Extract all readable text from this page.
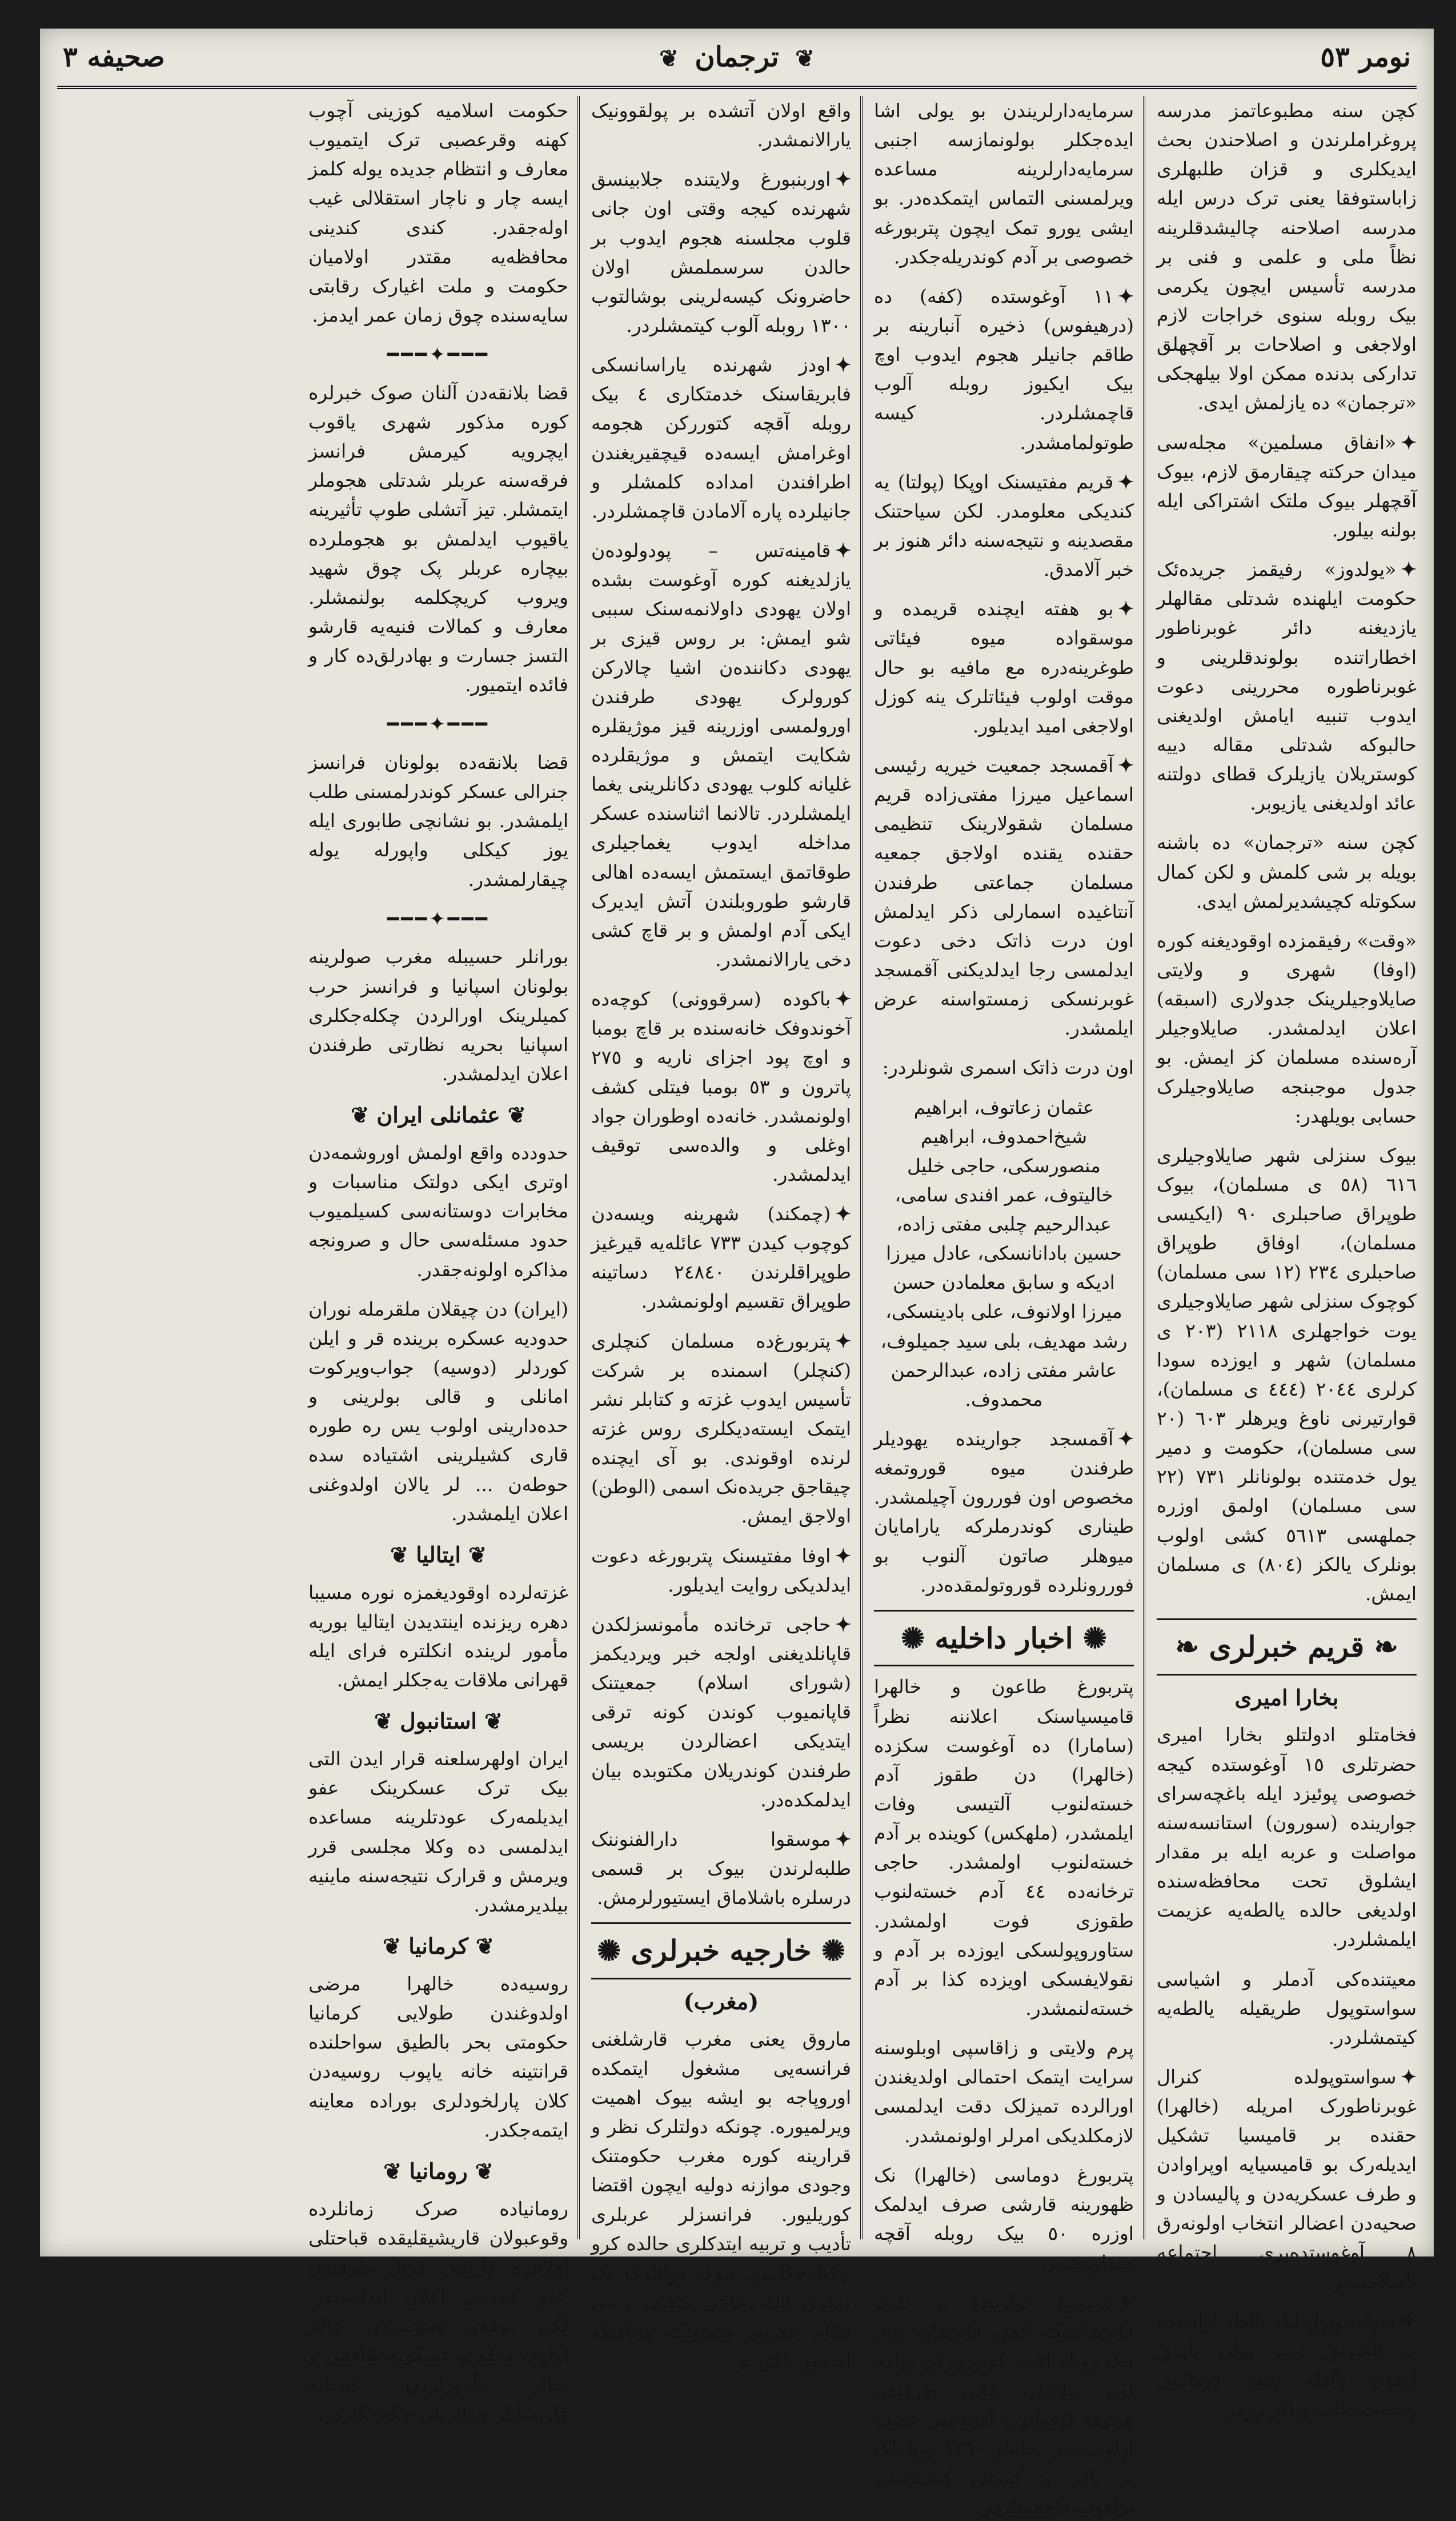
نومر ٥٣
❦ ترجمان ❦
صحیفه ٣

کچن سنه مطبوعاتمز مدرسه پروغراملرندن و اصلاحندن بحث ایدیکلری و قزان طلبهلری زاباستوفقا یعنی ترک درس ایله مدرسه اصلاحنه چالیشدقلرینه نظاً ملی و علمی و فنی بر مدرسه تأسیس ایچون یکرمی بیک روبله سنوی خراجات لازم اولاجغی و اصلاحات بر آقچهلق تدارکی بدنده ممکن اولا بیلهجکی «ترجمان» ده یازلمش ایدی.

✦«انفاق مسلمین» مجله‌سی میدان حرکته چیقارمق لازم، بیوک آقچهلر بیوک ملتک اشتراکی ایله بولنه بیلور.

✦«یولدوز» رفیقمز جریده‌ئک حکومت ایلهنده شدتلی مقالهلر یازدیغنه دائر غوبرناطور اخطاراتنده بولوندقلرینی و غوبرناطوره محررینی دعوت ایدوب تنبیه ایامش اولدیغنی حالبوکه شدتلی مقاله دییه کوستریلان یازیلرک قطای دولتنه عائد اولدیغنی یازیوبر.

کچن سنه «ترجمان» ده باشنه بویله بر شی کلمش و لکن کمال سکوتله کچیشدیرلمش ایدی.

«وقت» رفیقمزده اوقودیغنه کوره (اوفا) شهری و ولایتی صایلاوجیلرینک جدولاری (اسبقه) اعلان ایدلمشدر. صایلاوجیلر آره‌سنده مسلمان کز ایمش. بو جدول موجبنجه صایلاوجیلرک حسابی بویلهدر:

بیوک سنزلی شهر صایلاوجیلری ٦١٦ (٥٨ ی مسلمان)، بیوک طوپراق صاحبلری ٩٠ (ایکیسی مسلمان)، اوفاق طوپراق صاحبلری ٢٣٤ (١٢ سی مسلمان) کوچوک سنزلی شهر صایلاوجیلری یوت خواجهلری ٢١١٨ (٢٠٣ ی مسلمان) شهر و ایوزده سودا کرلری ٢٠٤٤ (٤٤٤ ی مسلمان)، قوارتیرنی ناوغ ویرهلر ٦٠٣ (٢٠ سی مسلمان)، حکومت و دمیر یول خدمتنده بولونانلر ٧٣١ (٢٢ سی مسلمان) اولمق اوزره جملهسی ٥٦١٣ کشی اولوب بونلرک یالکز (٨٠٤) ی مسلمان ایمش.

❧ قریم خبرلری ❧
بخارا امیری

فخامتلو ادولتلو بخارا امیری حضرتلری ١٥ آوغوستده کیجه خصوصی پوئیزد ایله باغچه‌سرای جوارینده (سورون) استانسه‌سنه مواصلت و عربه ایله بر مقدار ایشلوق تحت محافظه‌سنده اولدیغی حالده یالطه‌یه عزیمت ایلمشلردر.

معیتنده‌کی آدملر و اشیاسی سواستوپول طریقیله یالطه‌یه کیتمشلردر.

✦سواستوپولده کنرال غوبرناطورک امریله (خالهرا) حقنده بر قامیسیا تشکیل ایدیله‌رک بو قامیسیایه اوپراوادن و طرف عسکریه‌دن و پالیسادن و صحیه‌دن اعضالر انتخاب اولونه‌رق ٨ آوغوستده‌بری اجتماعه باشلامشدر.

✦سواستوپول ایله یالطه آراسنده بر الکتریق دمیر یولی یاپمق ایچون یالطه شهر دوماسی رخصت طلب و اکر روس

سرمایه‌دارلریندن بو یولی اشا ایده‌جکلر بولونمازسه اجنبی سرمایه‌دارلرینه مساعده ویرلمسنی التماس ایتمکده‌در. بو ایشی یورو تمک ایچون پتربورغه خصوصی بر آدم کوندریله‌جکدر.

✦١١ آوغوستده (کفه) ده (درهیفوس) ذخیره آنبارینه بر طاقم جانیلر هجوم ایدوب اوچ بیک ایکیوز روبله آلوب قاچمشلردر. کیسه طوتولمامشدر.

✦قریم مفتیسنک اوپکا (پولتا) یه کندیکی معلومدر. لکن سیاحتنک مقصدینه و نتیجه‌سنه دائر هنوز بر خبر آلامدق.

✦بو هفته ایچنده قریمده و موسقواده میوه فیئاتی طوغرینه‌دره مع مافیه بو حال موقت اولوب فیئاتلرک ینه کوزل اولاجغی امید ایدیلور.

✦آقمسجد جمعیت خیریه رئیسی اسماعیل میرزا مفتی‌زاده قریم مسلمان شقولارینک تنظیمی حقنده یقنده اولاجق جمعیه مسلمان جماعتی طرفندن آنتاغیده اسمارلی ذکر ایدلمش اون درت ذاتک دخی دعوت ایدلمسی رجا ایدلدیکنی آقمسجد غوبرنسکی زمستوا‌سنه عرض ایلمشدر.

اون درت ذاتک اسمری شونلردر:

عثمان زعاتوف، ابراهیم شیخ‌احمدوف، ابراهیم منصورسکی، حاجی خلیل خالیتوف، عمر افندی سامی، عبدالرحیم چلبی مفتی زاده، حسین بادانانسکی، عادل میرزا ادیکه و سابق معلمادن حسن میرزا اولانوف، علی بادینسکی، رشد مهدیف، بلی سید جمیلوف، عاشر مفتی زاده، عبدالرحمن محمدوف.

✦آقمسجد جوارینده یهودیلر طرفندن میوه قوروتمغه مخصوص اون فوررون آچیلمشدر. طیناری کوندرملرکه یارامایان میوهلر صاتون آلنوب بو فوررونلرده قوروتولمقده‌در.

✺ اخبار داخلیه ✺

پتربورغ طاعون و خالهرا قامیسیاسنک اعلاننه نظراً (سامارا) ده آوغوست سکزده (خالهرا) دن طقوز آدم خسته‌لنوب آلتیسی وفات ایلمشدر، (ملهکس) کوینده بر آدم خسته‌لنوب اولمشدر. حاجی ترخانه‌ده ٤٤ آدم خسته‌لنوب طقوزی فوت اولمشدر. ستاوروپولسکی ایوزده بر آدم و نقولایفسکی اویزده کذا بر آدم خسته‌لنمشدر.

پرم ولایتی و زاقاسپی اوبلوسنه سرایت ایتمک احتمالی اولدیغندن اورالرده تمیزلک دقت ایدلمسی لازمکلدیکی امرلر اولونمشدر.

پتربورغ دوماسی (خالهرا) نک ظهورینه قارشی صرف ایدلمک اوزره ٥٠ بیک روبله آقچه چیقارمشدر.

✦پتربورغ جوارینده بر تفنک فابریقاسنک آدمی فابریقایه یدی بیک روبله آقچه کوتورورکن یولده اون سلاحلی جانی طرفندن هجومه اوغرایوب آقچه‌سی غصب اولونمشدر. جانیلر ١٣٦٠ روبله‌لک بر باقر و کموش کیسه‌سنی براقوب قاچمشلردر.

واقع اولان آتشده بر پولقوونیک یارالانمشدر.

✦اوربنبورغ ولایتنده جلابینسق شهرنده کیجه وقتی اون جانی قلوب مجلسنه هجوم ایدوب بر حالدن سرسملمش اولان حاضرونک کیسه‌لرینی بوشالتوب ١٣٠٠ روبله آلوب کیتمشلردر.

✦اودز شهرنده یاراسانسکی فابریقاسنک خدمتکاری ٤ بیک روبله آقچه کتوررکن هجومه اوغرامش ایسه‌ده قیچقیریغندن اطرافندن امداده کلمشلر و جانیلرده پاره آلامادن قاچمشلردر.

✦قامینه‌تس – پودولوده‌ن یازلدیغنه کوره آوغوست بشده اولان یهودی داولانمه‌سنک سببی شو ایمش: بر روس قیزی بر یهودی دکاننده‌ن اشیا چالارکن کورولرک یهودی طرفندن اورولمسی اوزرینه قیز موژیقلره شکایت ایتمش و موژیقلرده غلیانه کلوب یهودی دکانلرینی یغما ایلمشلردر. تالانما اثناسنده عسکر مداخله ایدوب یغماجیلری طوقاتمق ایستمش ایسه‌ده اهالی قارشو طوروبلندن آتش ایدیرک ایکی آدم اولمش و بر قاچ کشی دخی یارالانمشدر.

✦باکوده (سرقوونی) کوچه‌ده آخوندوفک خانه‌سنده بر قاچ بومبا و اوچ پود اجزای ناریه و ٢٧٥ پاترون و ٥٣ بومبا فیتلی کشف اولونمشدر. خانه‌ده اوطوران جواد اوغلی و والده‌سی توقیف ایدلمشدر.

✦(چمکند) شهرینه ویسه‌دن کوچوب کیدن ٧٣٣ عائله‌یه قیرغیز طوپراقلرندن ٢٤٨٤٠ دساتینه طوپراق تقسیم اولونمشدر.

✦پتربورغ‌ده مسلمان کنچلری (کنچلر) اسمنده بر شرکت تأسیس ایدوب غزته و کتابلر نشر ایتمک ایسته‌دیکلری روس غزته لرنده اوقوندی. بو آی ایچنده چیقاجق جریده‌نک اسمی (الوطن) اولاجق ایمش.

✦اوفا مفتیسنک پتربورغه دعوت ایدلدیکی روایت ایدیلور.

✦حاجی ترخانده مأمونسزلکدن قاپانلدیغنی اولجه خبر ویردیکمز (شورای اسلام) جمعیتنک قاپانمیوب کوندن کونه ترقی ایتدیکی اعضالردن بریسی طرفندن کوندریلان مکتوبده بیان ایدلمکده‌در.

✦موسقوا دارالفنوننک طلبه‌لرندن بیوک بر قسمی درسلره باشلاماق ایستیورلرمش.

✺ خارجیه خبرلری ✺
(مغرب)

ماروق یعنی مغرب قارشلغنی فرانسه‌یی مشغول ایتمکده اوروپاجه بو ایشه بیوک اهمیت ویرلمیوره. چونکه دولتلرک نظر و قرارینه کوره مغرب حکومتنک وجودی موازنه دولیه ایچون اقتضا کوریلیور. فرانسزلر عربلری تأدیب و تربیه ایتدکلری حالده کرو چکیله‌جکلردر. بیوک دولتلرک یک دیکری ایله رقابتی ضعیف و بی نظام مغربی شمدیلک محافظه ایدیبور. لکن بو

حکومت اسلامیه کوزینی آچوب کهنه وقرعصبی ترک ایتمیوب معارف و انتظام جدیده یوله کلمز ایسه چار و ناچار استقلالی غیب اوله‌جقدر. کندی کندینی محافظه‌یه مقتدر اولامیان حکومت و ملت اغیارک رقابتی سایه‌سنده چوق زمان عمر ایدمز.

━━━✦━━━

قضا بلانقه‌دن آلنان صوک خبرلره کوره مذکور شهری یاقوب ایچرویه کیرمش فرانسز فرقه‌سنه عربلر شدتلی هجوملر ایتمشلر. تیز آتشلی طوپ تأثیرینه یاقیوب ایدلمش بو هجوملرده بیچاره عربلر پک چوق شهید ویروب کریچکلمه بولنمشلر. معارف و کمالات فنیه‌یه قارشو التسز جسارت و بهادرلق‌ده کار و فائده ایتمیور.

━━━✦━━━

قضا بلانقه‌ده بولونان فرانسز جنرالی عسکر کوندرلمسنی طلب ایلمشدر. بو نشانچی طابوری ایله یوز کیکلی واپورله یوله چیقارلمشدر.

━━━✦━━━

بورانلر حسیبله مغرب صولرینه بولونان اسپانیا و فرانسز حرب کمیلرینک اورالردن چکله‌جکلری اسپانیا بحریه نظارتی طرفندن اعلان ایدلمشدر.

❦ عثمانلی ایران ❦

حدودده واقع اولمش اوروشمه‌دن اوتری ایکی دولتک مناسبات و مخابرات دوستانه‌سی کسیلمیوب حدود مسئله‌سی حال و صرونجه مذاکره اولونه‌جقدر.

(ایران) دن چیقلان ملقرمله نوران حدودیه عسکره برینده قر و ایلن کوردلر (دوسیه) جواب‌ویرکوت امانلی و قالی بولرینی و حده‌دارینی اولوب یس ره طوره قاری کشیلرینی اشتیاده سده حوطه‌ن ... لر یالان اولدوغنی اعلان ایلمشدر.

❦ ایتالیا ❦

غزته‌لرده اوقودیغمزه نوره مسیبا دهره ریزنده اینتدیدن ایتالیا بوریه مأمور لرینده انکلتره فرای ایله قهرانی ملاقات یه‌جکلر ایمش.

❦ استانبول ❦

ایران اولهرسلعنه قرار ایدن التی بیک ترک عسکرینک عفو ایدیلمه‌رک عودتلرینه مساعده ایدلمسی ده وکلا مجلسی قرر ویرمش و قرارک نتیجه‌سنه ماینیه بیلدیرمشدر.

❦ کرمانیا ❦

روسیه‌ده خالهرا مرضی اولدوغندن طولایی کرمانیا حکومتی بحر بالطیق سواحلنده قرانتینه خانه یاپوب روسیه‌دن کلان پارلخودلری بوراده معاینه ایتمه‌جکدر.

❦ رومانیا ❦

رومانیاده صرک زمانلرده وقوعبولان قاریشیقلیقده قباحتلی اولانلره قارشی قرال طرفندن عفو عمومی اعلان ایدلمشدر. لکن بوعفو عمومی‌دن عالم اولوب معلم و عسکریه طاقمی و سائر مأمورلردن عصیانه قاریشانلر جزالریلی چکه‌جکلردر.
